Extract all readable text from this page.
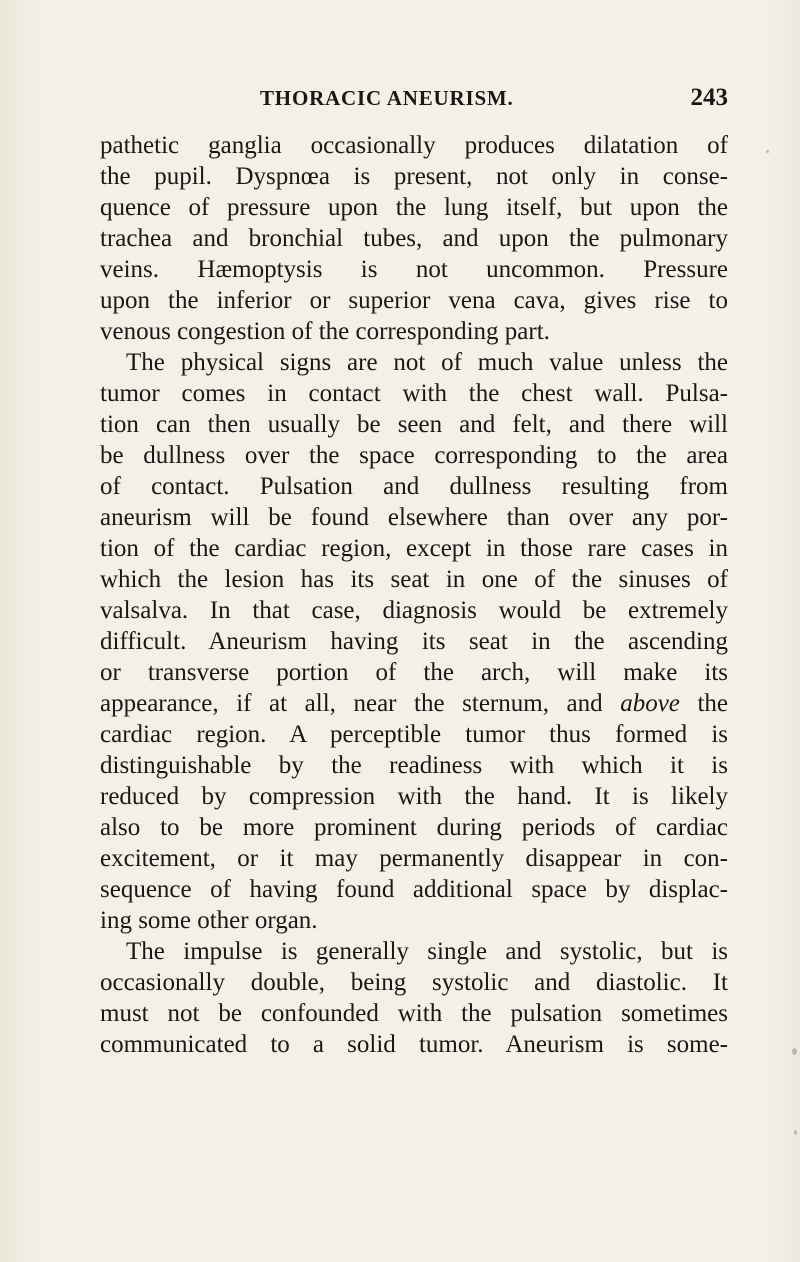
THORACIC ANEURISM.	243
pathetic ganglia occasionally produces dilatation of
the pupil. Dyspnœa is present, not only in conse-
quence of pressure upon the lung itself, but upon the
trachea and bronchial tubes, and upon the pulmonary
veins. Hæmoptysis is not uncommon. Pressure
upon the inferior or superior vena cava, gives rise to
venous congestion of the corresponding part.
The physical signs are not of much value unless the
tumor comes in contact with the chest wall. Pulsa-
tion can then usually be seen and felt, and there will
be dullness over the space corresponding to the area
of contact. Pulsation and dullness resulting from
aneurism will be found elsewhere than over any por-
tion of the cardiac region, except in those rare cases in
which the lesion has its seat in one of the sinuses of
valsalva. In that case, diagnosis would be extremely
difficult. Aneurism having its seat in the ascending
or transverse portion of the arch, will make its
appearance, if at all, near the sternum, and above the
cardiac region. A perceptible tumor thus formed is
distinguishable by the readiness with which it is
reduced by compression with the hand. It is likely
also to be more prominent during periods of cardiac
excitement, or it may permanently disappear in con-
sequence of having found additional space by displac-
ing some other organ.
The impulse is generally single and systolic, but is
occasionally double, being systolic and diastolic. It
must not be confounded with the pulsation sometimes
communicated to a solid tumor. Aneurism is some-
